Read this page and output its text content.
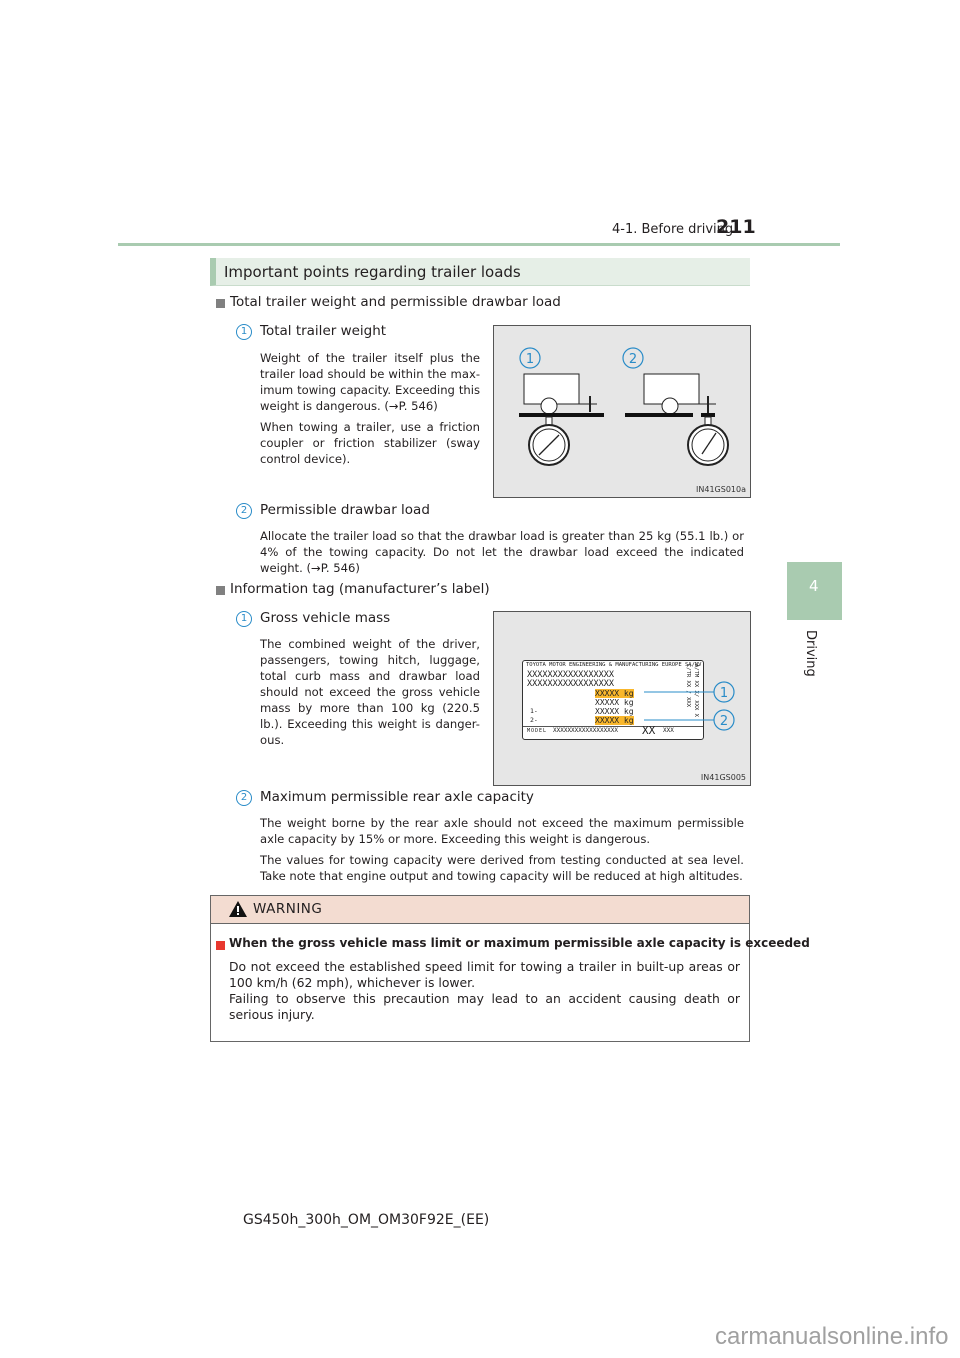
4-1. Before driving
211
4
Driving
Important points regarding trailer loads
Total trailer weight and permissible drawbar load
1 Total trailer weight
Weight of the trailer itself plus the trailer load should be within the max-imum towing capacity. Exceeding this weight is dangerous. (→P. 546)
When towing a trailer, use a friction coupler or friction stabilizer (sway control device).
1	2
IN41GS010a
2 Permissible drawbar load
Allocate the trailer load so that the drawbar load is greater than 25 kg (55.1 lb.) or 4% of the towing capacity. Do not let the drawbar load exceed the indicated weight. (→P. 546)
Information tag (manufacturer’s label)
1 Gross vehicle mass
The combined weight of the driver, passengers, towing hitch, luggage, total curb mass and drawbar load should not exceed the gross vehicle mass by more than 100 kg (220.5 lb.). Exceeding this weight is danger-ous.
TOYOTA MOTOR ENGINEERING & MANUFACTURING EUROPE SA/NV
XXXXXXXXXXXXXXXXX
XXXXXXXXXXXXXXXXX
XXXXX kg
XXXXX kg
1-	XXXXX kg
2-	XXXXX kg
MODEL XXXXXXXXXXXXXXXXXX XX XXX
C/TR XX / XXX A/TM XX X/ XXX X 1
2
IN41GS005
2 Maximum permissible rear axle capacity
The weight borne by the rear axle should not exceed the maximum permissible axle capacity by 15% or more. Exceeding this weight is dangerous.
The values for towing capacity were derived from testing conducted at sea level. Take note that engine output and towing capacity will be reduced at high altitudes.
WARNING
When the gross vehicle mass limit or maximum permissible axle capacity is exceeded
Do not exceed the established speed limit for towing a trailer in built-up areas or 100 km/h (62 mph), whichever is lower.
Failing to observe this precaution may lead to an accident causing death or serious injury.
GS450h_300h_OM_OM30F92E_(EE)
carmanualsonline.info
